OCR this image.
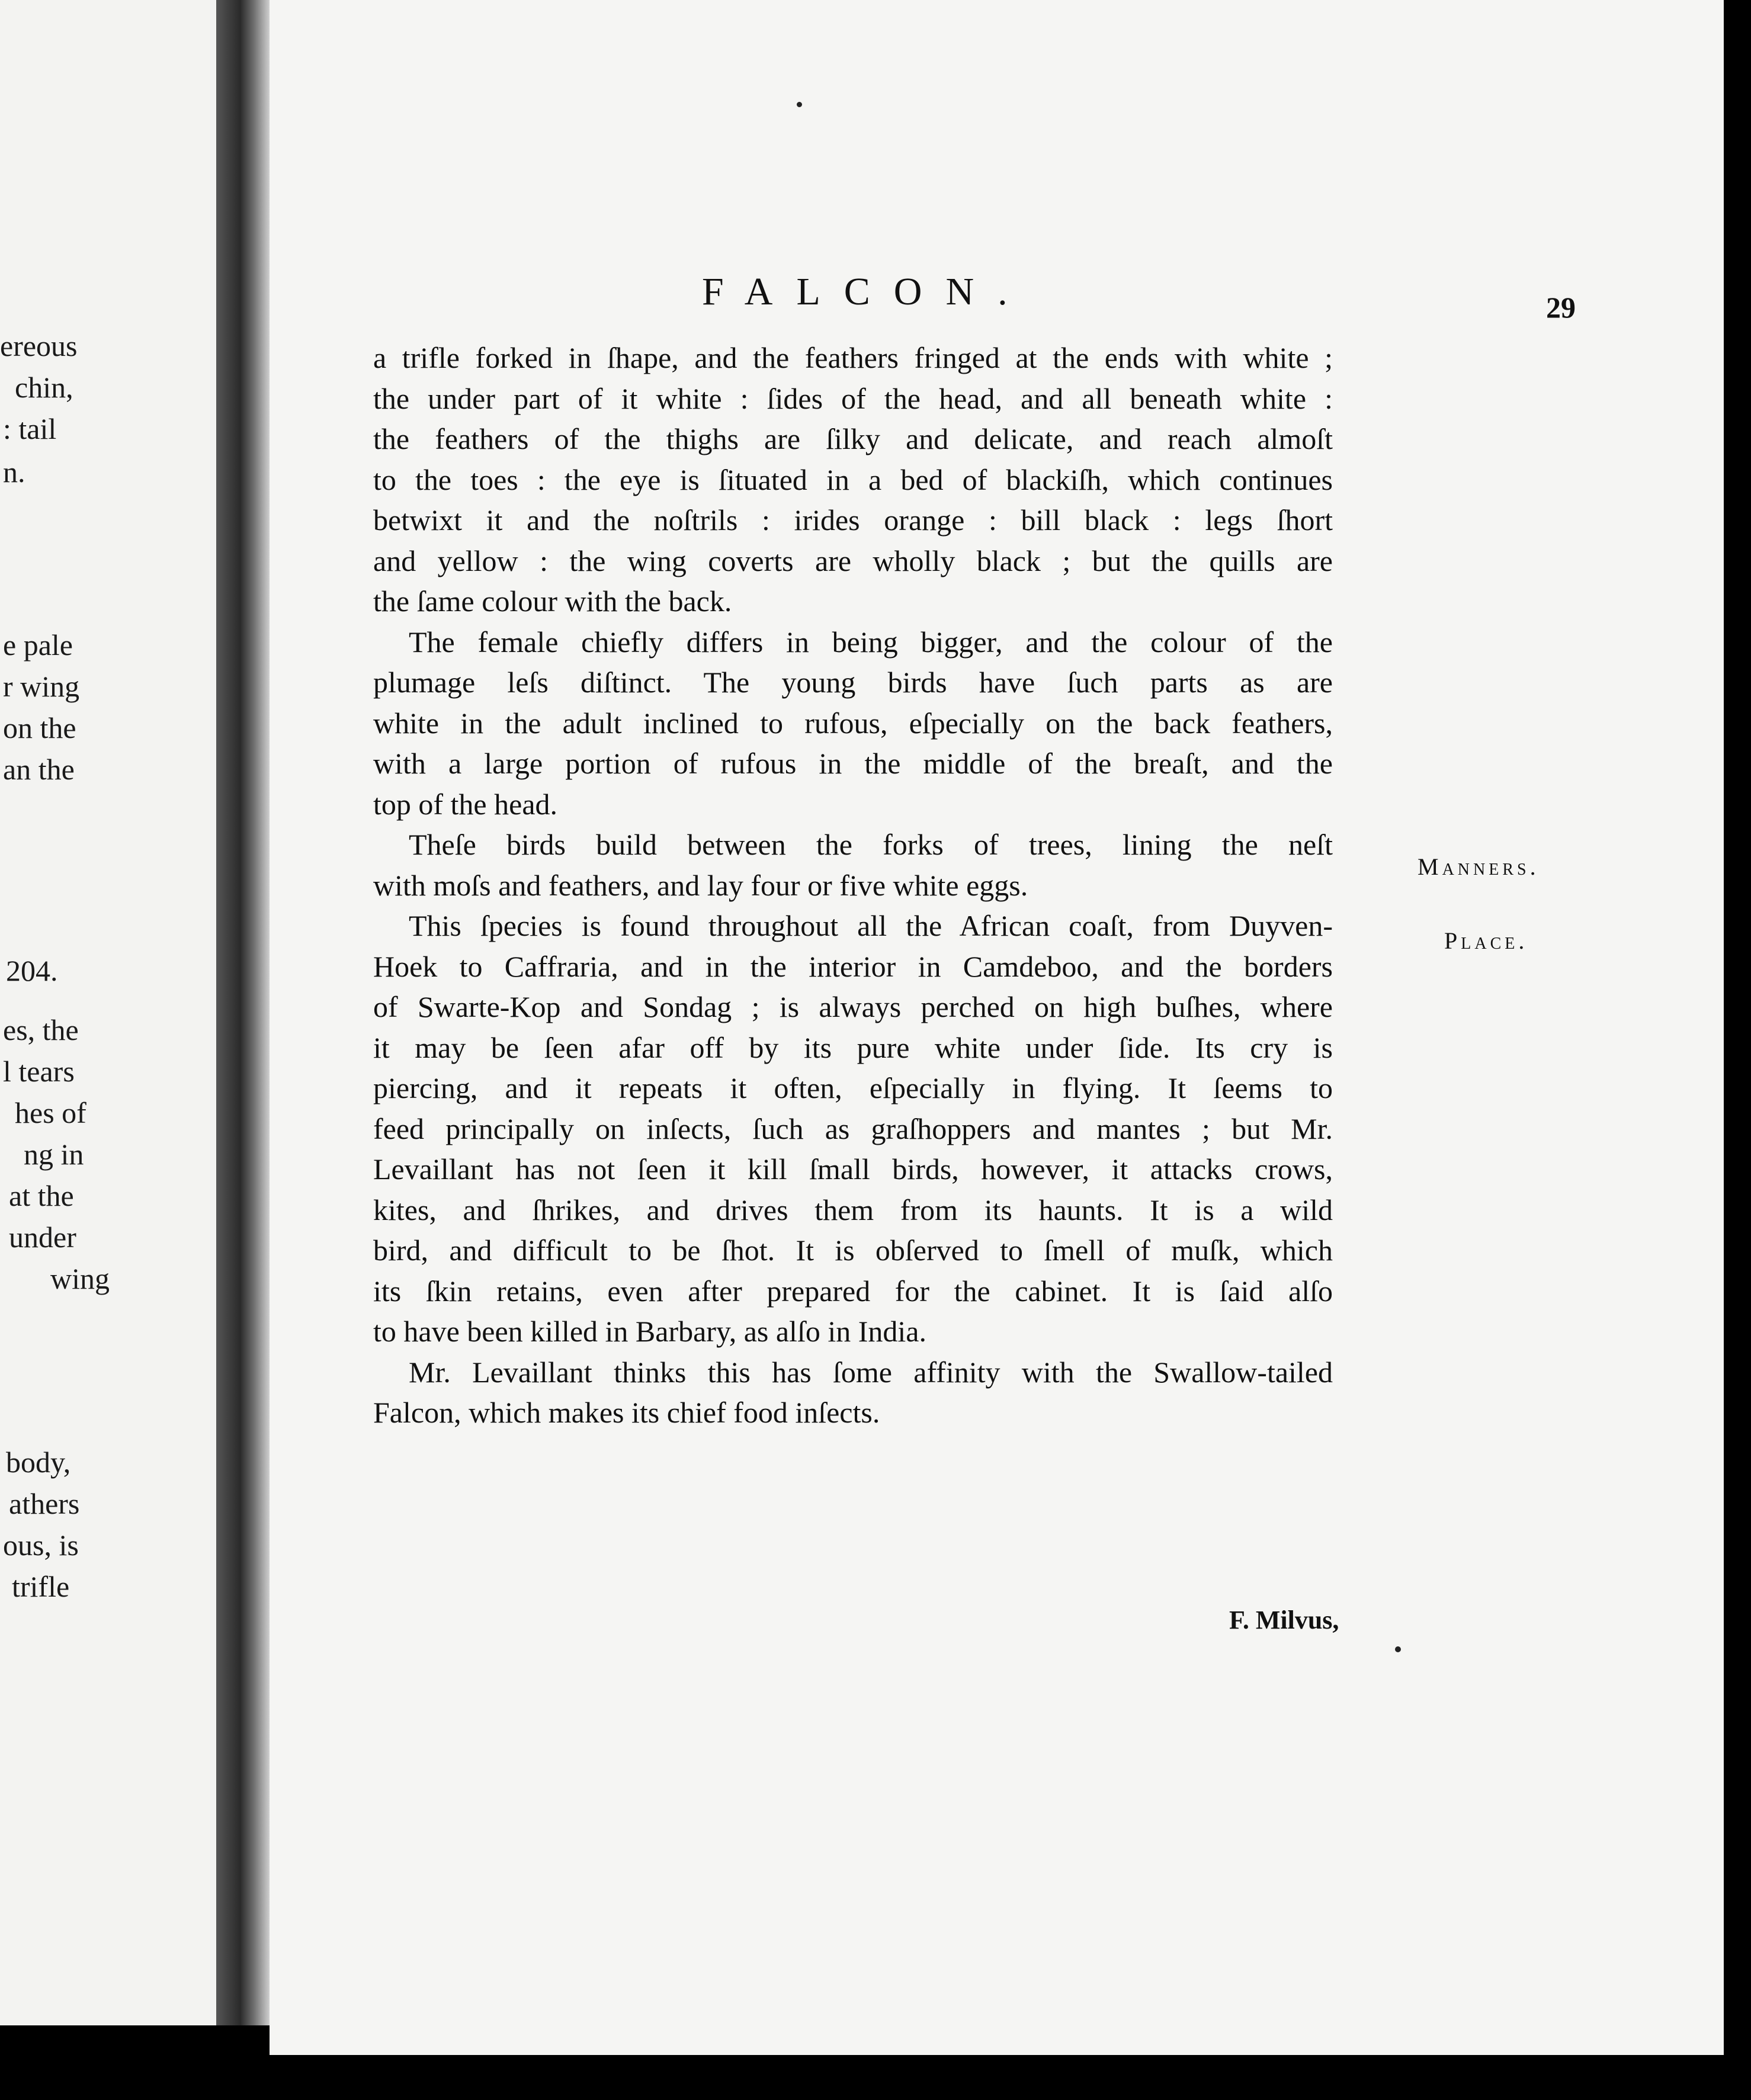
ereous
chin,
: tail
n.
e pale
r wing
on the
an the
204.
es, the
l tears
hes of
ng in
at the
under
wing
body,
athers
ous, is
trifle
FALCON.	29
a trifle forked in ſhape, and the feathers fringed at the ends with white ;
the under part of it white : ſides of the head, and all beneath white :
the feathers of the thighs are ſilky and delicate, and reach almoſt
to the toes : the eye is ſituated in a bed of blackiſh, which continues
betwixt it and the noſtrils : irides orange : bill black : legs ſhort
and yellow : the wing coverts are wholly black ; but the quills are
the ſame colour with the back.
The female chiefly differs in being bigger, and the colour of the
plumage leſs diſtinct. The young birds have ſuch parts as are
white in the adult inclined to rufous, eſpecially on the back feathers,
with a large portion of rufous in the middle of the breaſt, and the
top of the head.
Theſe birds build between the forks of trees, lining the neſt
with moſs and feathers, and lay four or five white eggs.
This ſpecies is found throughout all the African coaſt, from Duyven-
Hoek to Caffraria, and in the interior in Camdeboo, and the borders
of Swarte-Kop and Sondag ; is always perched on high buſhes, where
it may be ſeen afar off by its pure white under ſide. Its cry is
piercing, and it repeats it often, eſpecially in flying. It ſeems to
feed principally on inſects, ſuch as graſhoppers and mantes ; but Mr.
Levaillant has not ſeen it kill ſmall birds, however, it attacks crows,
kites, and ſhrikes, and drives them from its haunts. It is a wild
bird, and difficult to be ſhot. It is obſerved to ſmell of muſk, which
its ſkin retains, even after prepared for the cabinet. It is ſaid alſo
to have been killed in Barbary, as alſo in India.
Mr. Levaillant thinks this has ſome affinity with the Swallow-tailed
Falcon, which makes its chief food inſects.
Manners.
Place.
F. Milvus,
